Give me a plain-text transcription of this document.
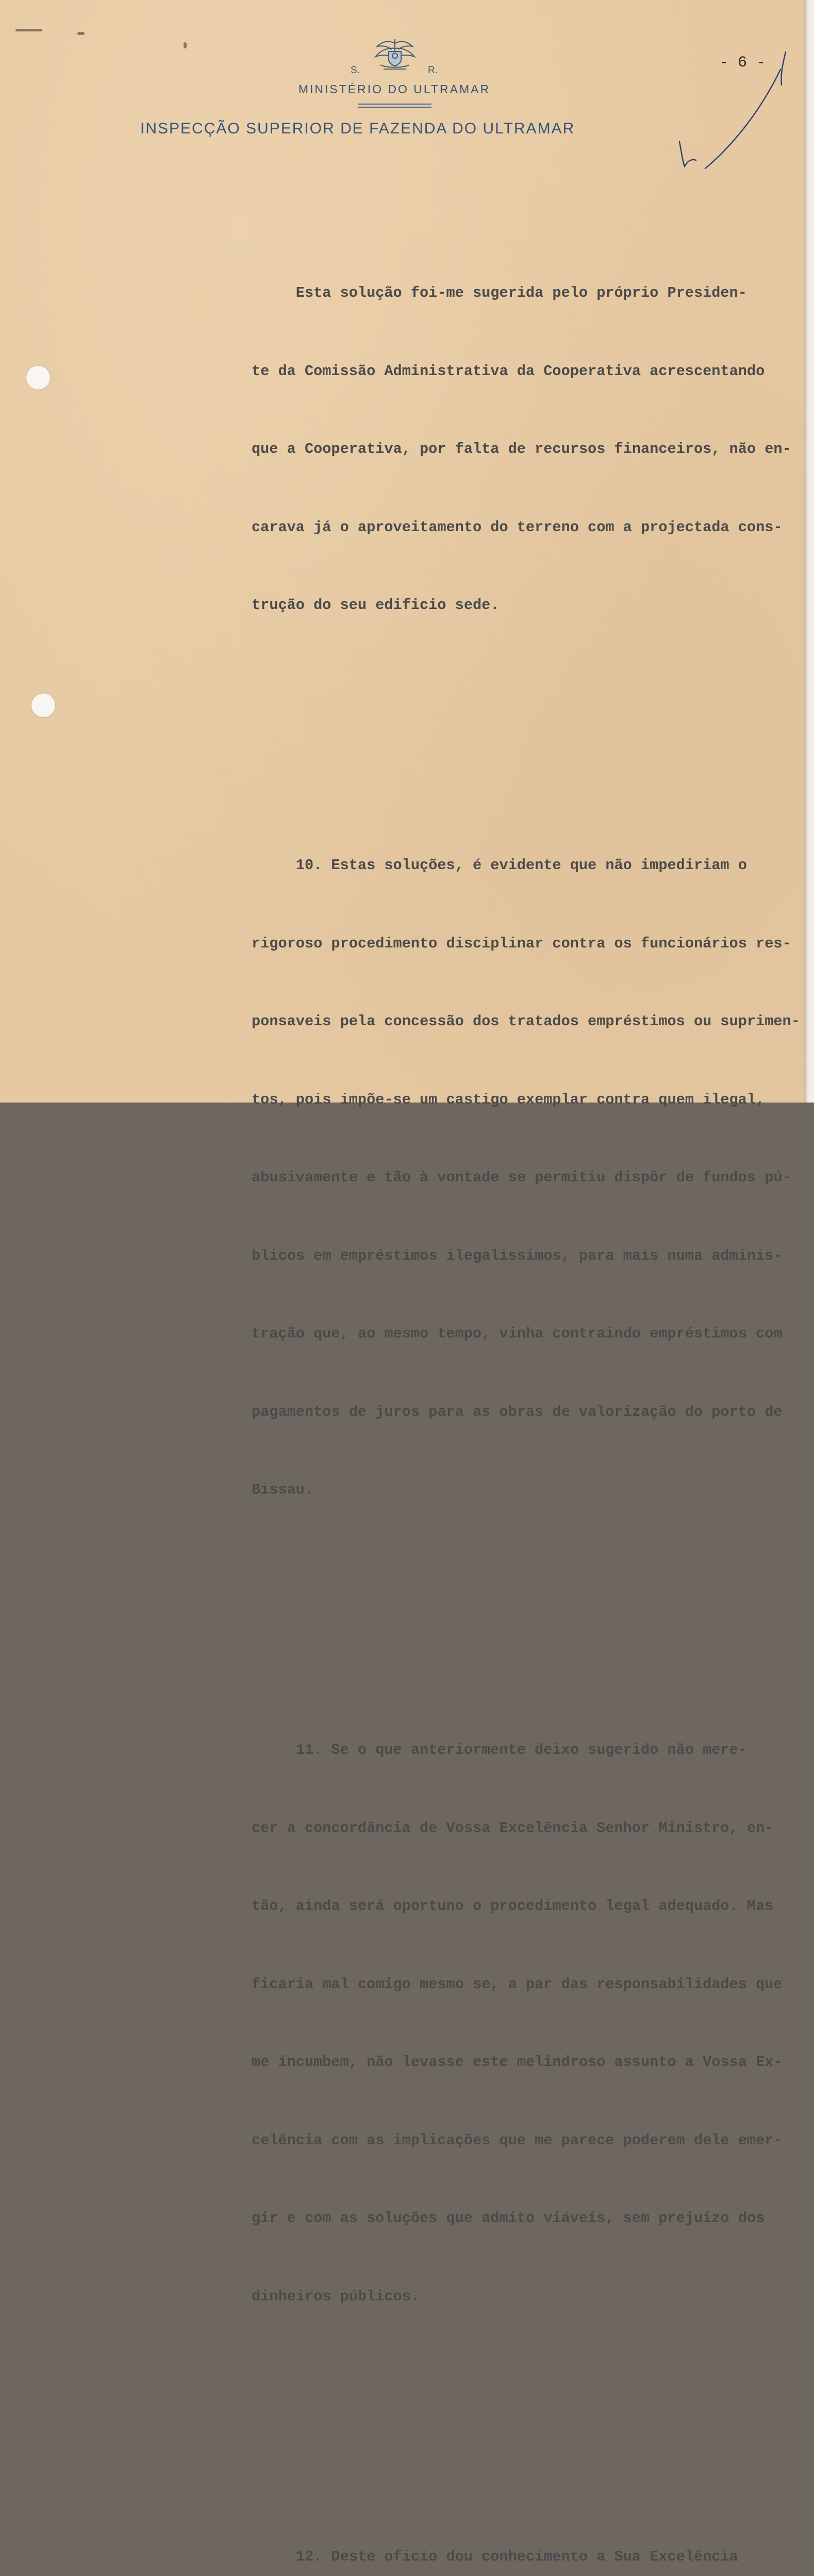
S.	R.
MINISTÉRIO DO ULTRAMAR
INSPECÇÃO SUPERIOR DE FAZENDA DO ULTRAMAR
- 6 -

Esta solução foi-me sugerida pelo próprio Presiden-

te da Comissão Administrativa da Cooperativa acrescentando

que a Cooperativa, por falta de recursos financeiros, não en-

carava já o aproveitamento do terreno com a projectada cons-

trução do seu edificio sede.

10. Estas soluções, é evidente que não impediriam o

rigoroso procedimento disciplinar contra os funcionários res-

ponsaveis pela concessão dos tratados empréstimos ou suprimen-

tos, pois impõe-se um castigo exemplar contra quem ilegal,

abusivamente e tão à vontade se permitiu dispôr de fundos pú-

blicos em empréstimos ilegalissimos, para mais numa adminis-

tração que, ao mesmo tempo, vinha contraindo empréstimos com

pagamentos de juros para as obras de valorização do porto de

Bissau.

11. Se o que anteriormente deixo sugerido não mere-

cer a concordância de Vossa Excelência Senhor Ministro, en-

tão, ainda será oportuno o procedimento legal adequado. Mas

ficaria mal comigo mesmo se, a par das responsabilidades que

me incumbem, não levasse este melindroso assunto a Vossa Ex-

celência com as implicações que me parece poderem dele emer-

gir e com as soluções que admito viáveis, sem prejuizo dos

dinheiros públicos.

12. Deste oficio dou conhecimento a Sua Excelência
